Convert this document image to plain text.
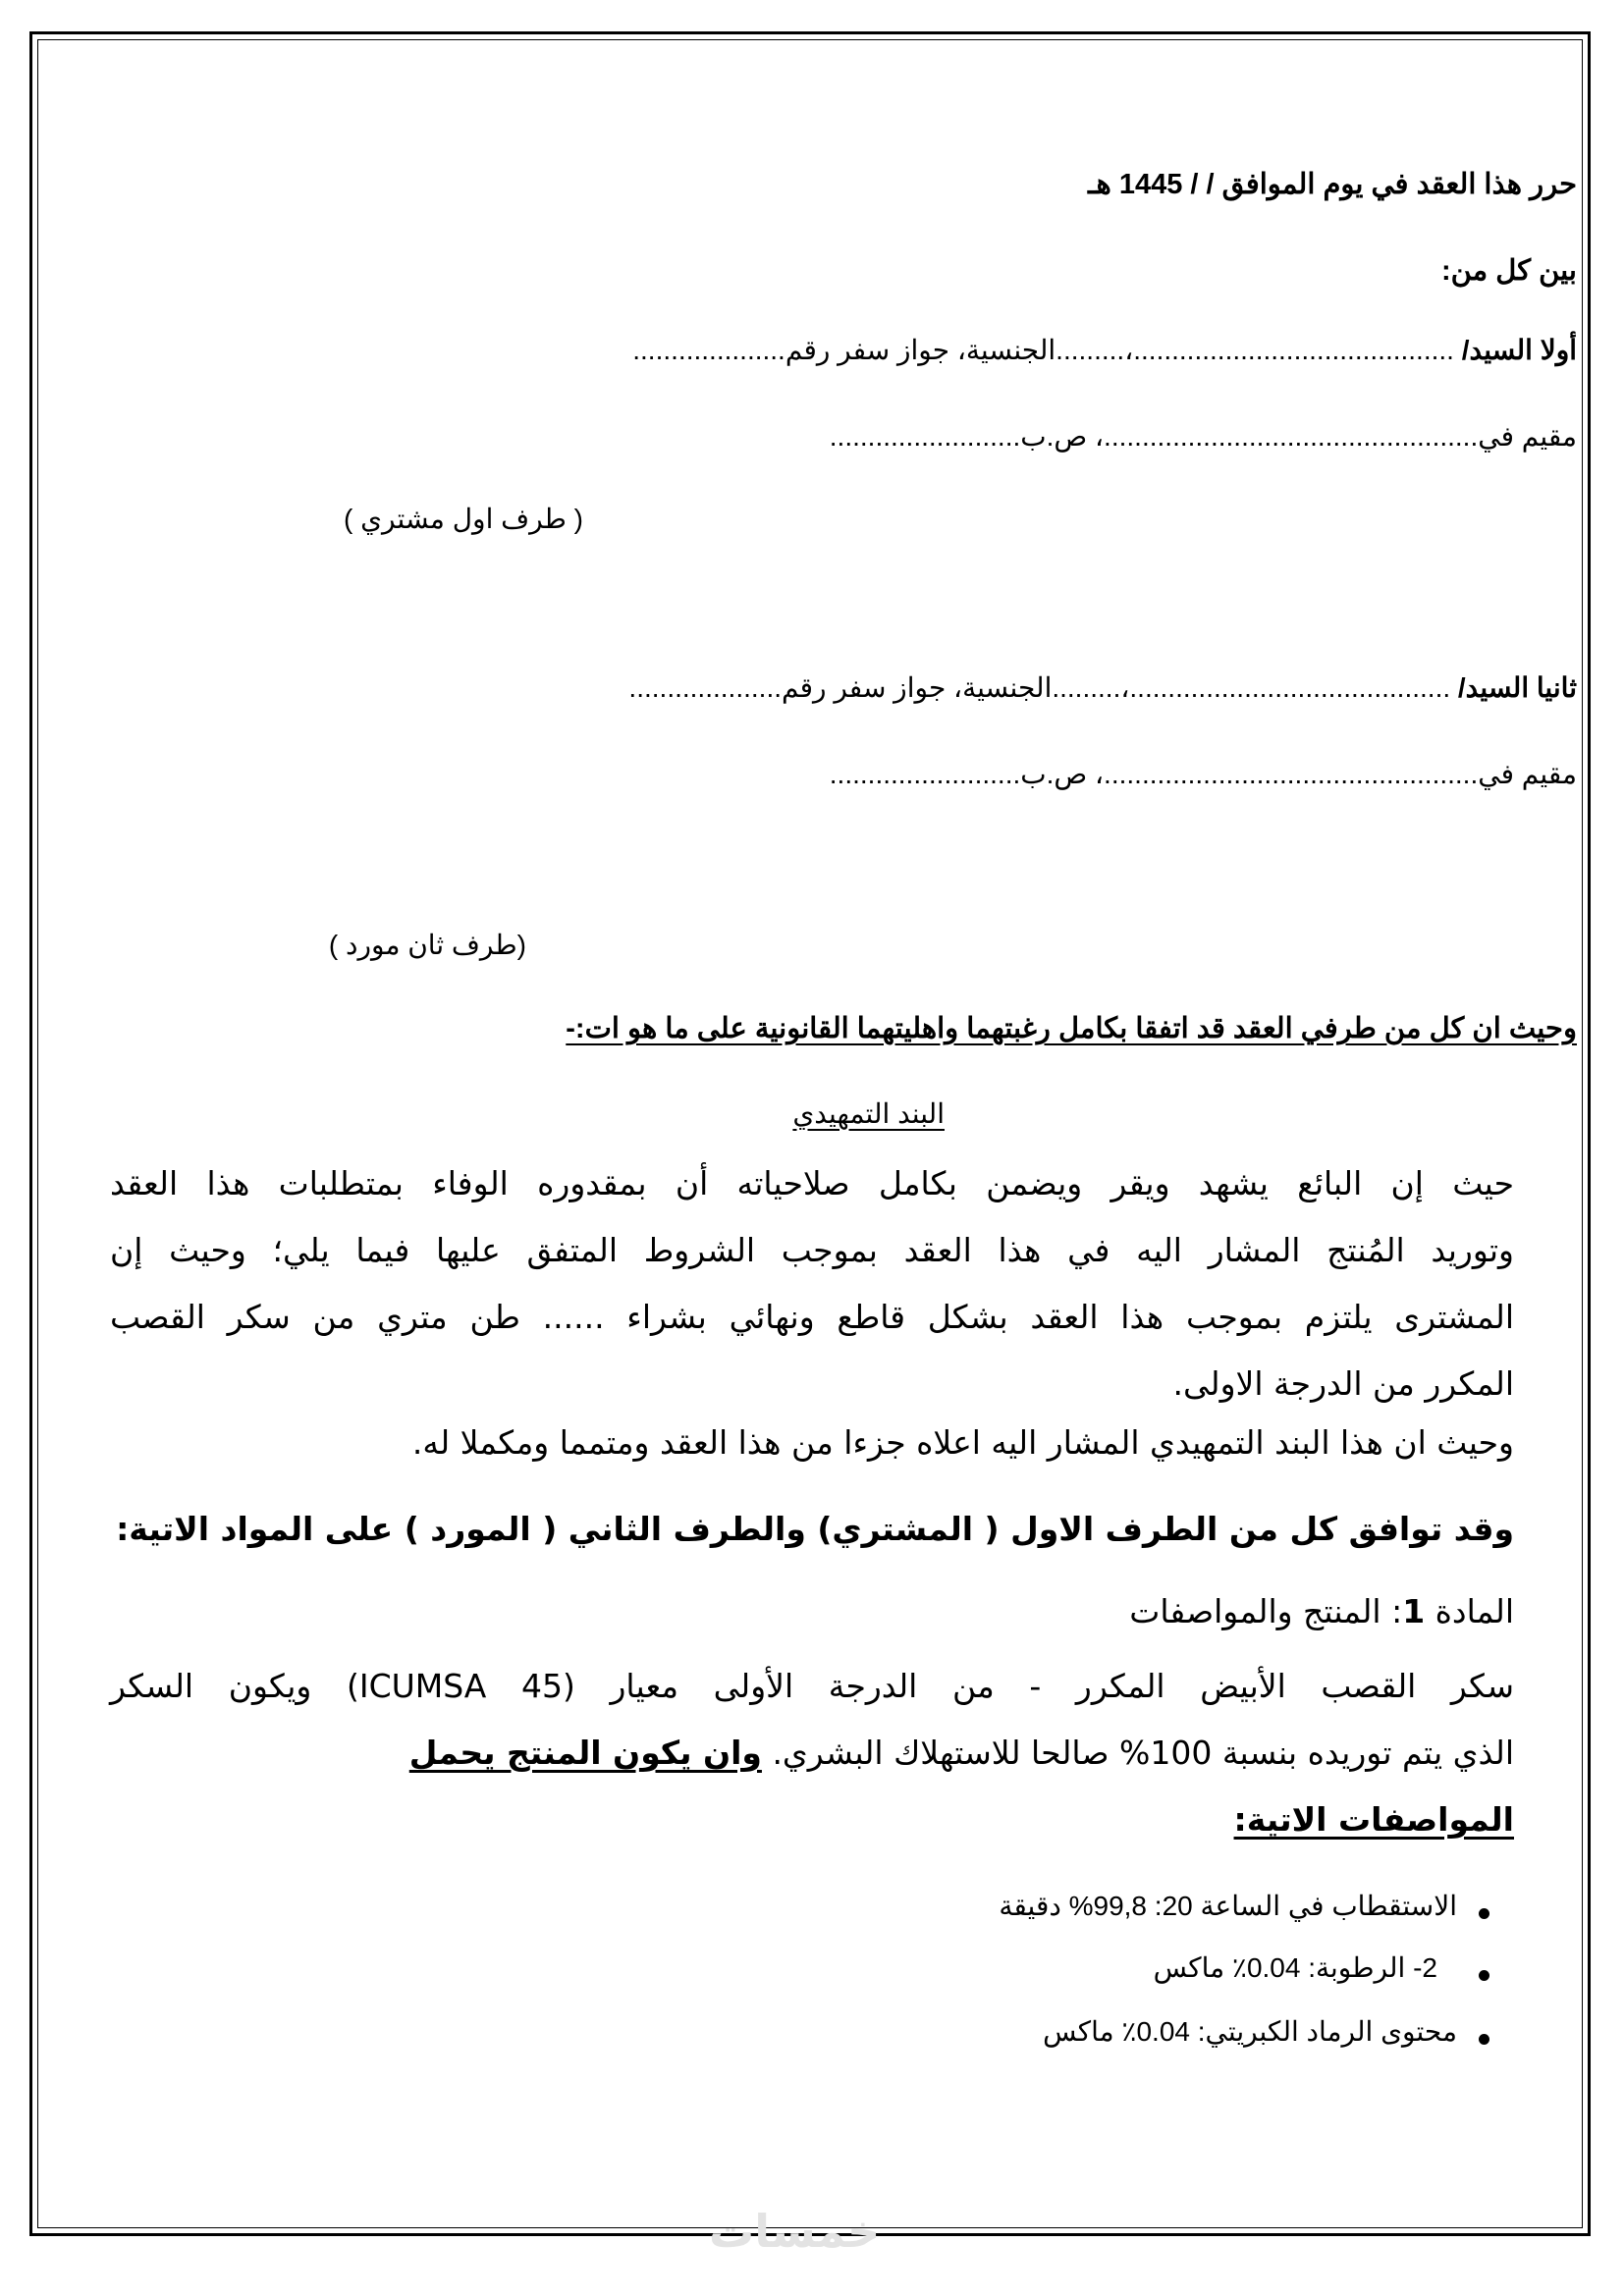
حرر هذا العقد في يوم الموافق / / 1445 هـ
بين كل من:
أولا السيد/ ..........................................،.........الجنسية، جواز سفر رقم....................
مقيم في.................................................، ص.ب.........................
( طرف اول مشتري )
ثانيا السيد/ ..........................................،.........الجنسية، جواز سفر رقم....................
مقيم في.................................................، ص.ب.........................
(طرف ثان مورد )
وحيث ان كل من طرفي العقد قد اتفقا بكامل رغبتهما واهليتهما القانونية على ما هو ات:-
البند التمهيدي
حيث إن البائع يشهد ويقر ويضمن بكامل صلاحياته أن بمقدوره الوفاء بمتطلبات هذا العقد
وتوريد المُنتج المشار اليه في هذا العقد بموجب الشروط المتفق عليها فيما يلي؛ وحيث إن
المشترى يلتزم بموجب هذا العقد بشكل قاطع ونهائي بشراء ...... طن متري من سكر القصب
المكرر من الدرجة الاولى.
وحيث ان هذا البند التمهيدي المشار اليه اعلاه جزءا من هذا العقد ومتمما ومكملا له.
وقد توافق كل من الطرف الاول ( المشتري) والطرف الثاني ( المورد ) على المواد الاتية:
المادة 1: المنتج والمواصفات
سكر القصب الأبيض المكرر - من الدرجة الأولى معيار (ICUMSA 45) ويكون السكر
الذي يتم توريده بنسبة 100% صالحا للاستهلاك البشري. وان يكون المنتج يحمل
المواصفات الاتية:
الاستقطاب في الساعة 20: 99,8% دقيقة
2- الرطوبة: 0.04٪ ماكس
محتوى الرماد الكبريتي: 0.04٪ ماكس
خمسات
